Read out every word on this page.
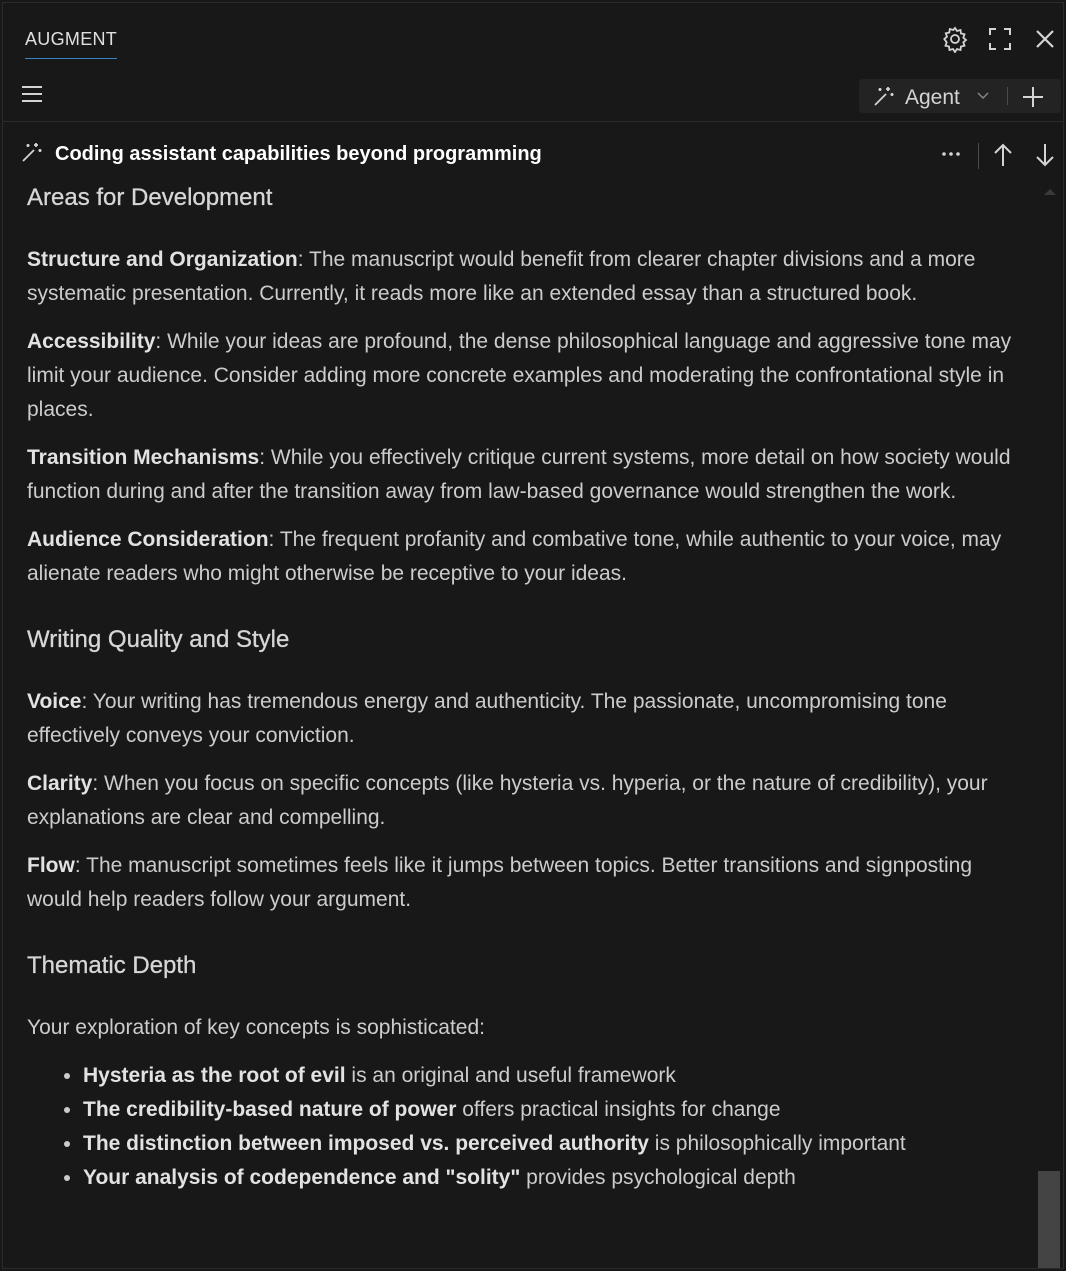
AUGMENT
Agent
Coding assistant capabilities beyond programming
Areas for Development

Structure and Organization: The manuscript would benefit from clearer chapter divisions and a more systematic presentation. Currently, it reads more like an extended essay than a structured book.

Accessibility: While your ideas are profound, the dense philosophical language and aggressive tone may limit your audience. Consider adding more concrete examples and moderating the confrontational style in places.

Transition Mechanisms: While you effectively critique current systems, more detail on how society would function during and after the transition away from law-based governance would strengthen the work.

Audience Consideration: The frequent profanity and combative tone, while authentic to your voice, may alienate readers who might otherwise be receptive to your ideas.

Writing Quality and Style

Voice: Your writing has tremendous energy and authenticity. The passionate, uncompromising tone effectively conveys your conviction.

Clarity: When you focus on specific concepts (like hysteria vs. hyperia, or the nature of credibility), your explanations are clear and compelling.

Flow: The manuscript sometimes feels like it jumps between topics. Better transitions and signposting would help readers follow your argument.

Thematic Depth

Your exploration of key concepts is sophisticated:

• Hysteria as the root of evil is an original and useful framework
• The credibility-based nature of power offers practical insights for change
• The distinction between imposed vs. perceived authority is philosophically important
• Your analysis of codependence and "solity" provides psychological depth
